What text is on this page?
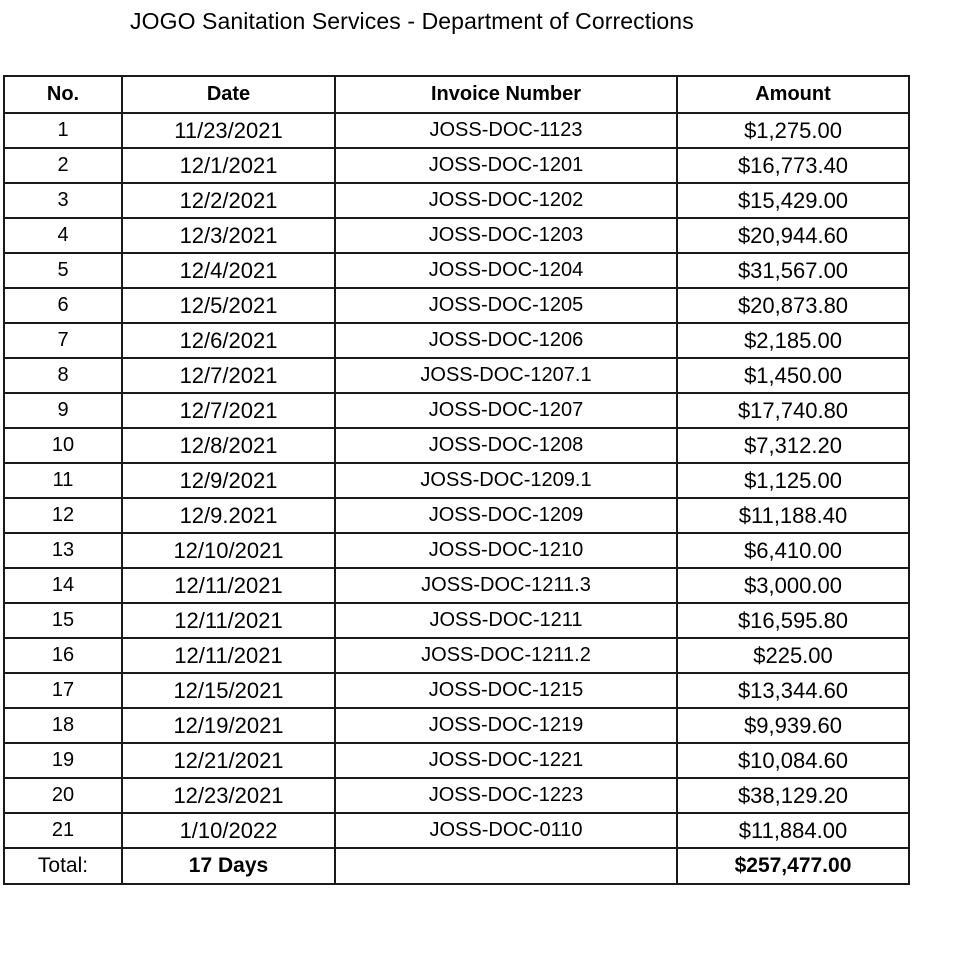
JOGO Sanitation Services - Department of Corrections
No.	Date	Invoice Number	Amount
1	11/23/2021	JOSS-DOC-1123	$1,275.00
2	12/1/2021	JOSS-DOC-1201	$16,773.40
3	12/2/2021	JOSS-DOC-1202	$15,429.00
4	12/3/2021	JOSS-DOC-1203	$20,944.60
5	12/4/2021	JOSS-DOC-1204	$31,567.00
6	12/5/2021	JOSS-DOC-1205	$20,873.80
7	12/6/2021	JOSS-DOC-1206	$2,185.00
8	12/7/2021	JOSS-DOC-1207.1	$1,450.00
9	12/7/2021	JOSS-DOC-1207	$17,740.80
10	12/8/2021	JOSS-DOC-1208	$7,312.20
11	12/9/2021	JOSS-DOC-1209.1	$1,125.00
12	12/9.2021	JOSS-DOC-1209	$11,188.40
13	12/10/2021	JOSS-DOC-1210	$6,410.00
14	12/11/2021	JOSS-DOC-1211.3	$3,000.00
15	12/11/2021	JOSS-DOC-1211	$16,595.80
16	12/11/2021	JOSS-DOC-1211.2	$225.00
17	12/15/2021	JOSS-DOC-1215	$13,344.60
18	12/19/2021	JOSS-DOC-1219	$9,939.60
19	12/21/2021	JOSS-DOC-1221	$10,084.60
20	12/23/2021	JOSS-DOC-1223	$38,129.20
21	1/10/2022	JOSS-DOC-0110	$11,884.00
Total:	17 Days		$257,477.00
